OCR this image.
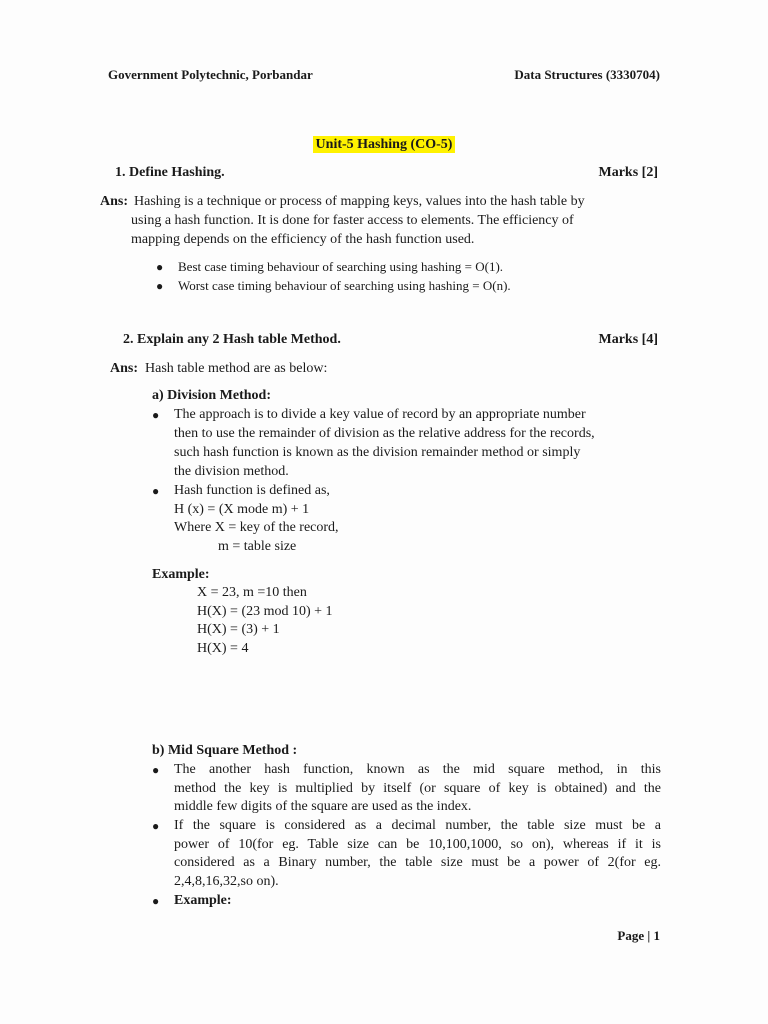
Government Polytechnic, Porbandar	Data Structures (3330704)
Unit-5 Hashing (CO-5)
1. Define Hashing.	Marks [2]
Ans: Hashing is a technique or process of mapping keys, values into the hash table by
using a hash function. It is done for faster access to elements. The efficiency of
mapping depends on the efficiency of the hash function used.
● Best case timing behaviour of searching using hashing = O(1).
● Worst case timing behaviour of searching using hashing = O(n).
2. Explain any 2 Hash table Method.	Marks [4]
Ans: Hash table method are as below:
a) Division Method:
● The approach is to divide a key value of record by an appropriate number
then to use the remainder of division as the relative address for the records,
such hash function is known as the division remainder method or simply
the division method.
● Hash function is defined as,
H (x) = (X mode m) + 1
Where X = key of the record,
m = table size
Example:
X = 23, m =10 then
H(X) = (23 mod 10) + 1
H(X) = (3) + 1
H(X) = 4
b) Mid Square Method :
● The another hash function, known as the mid square method, in this
method the key is multiplied by itself (or square of key is obtained) and the
middle few digits of the square are used as the index.
● If the square is considered as a decimal number, the table size must be a
power of 10(for eg. Table size can be 10,100,1000, so on), whereas if it is
considered as a Binary number, the table size must be a power of 2(for eg.
2,4,8,16,32,so on).
● Example:
Page | 1
